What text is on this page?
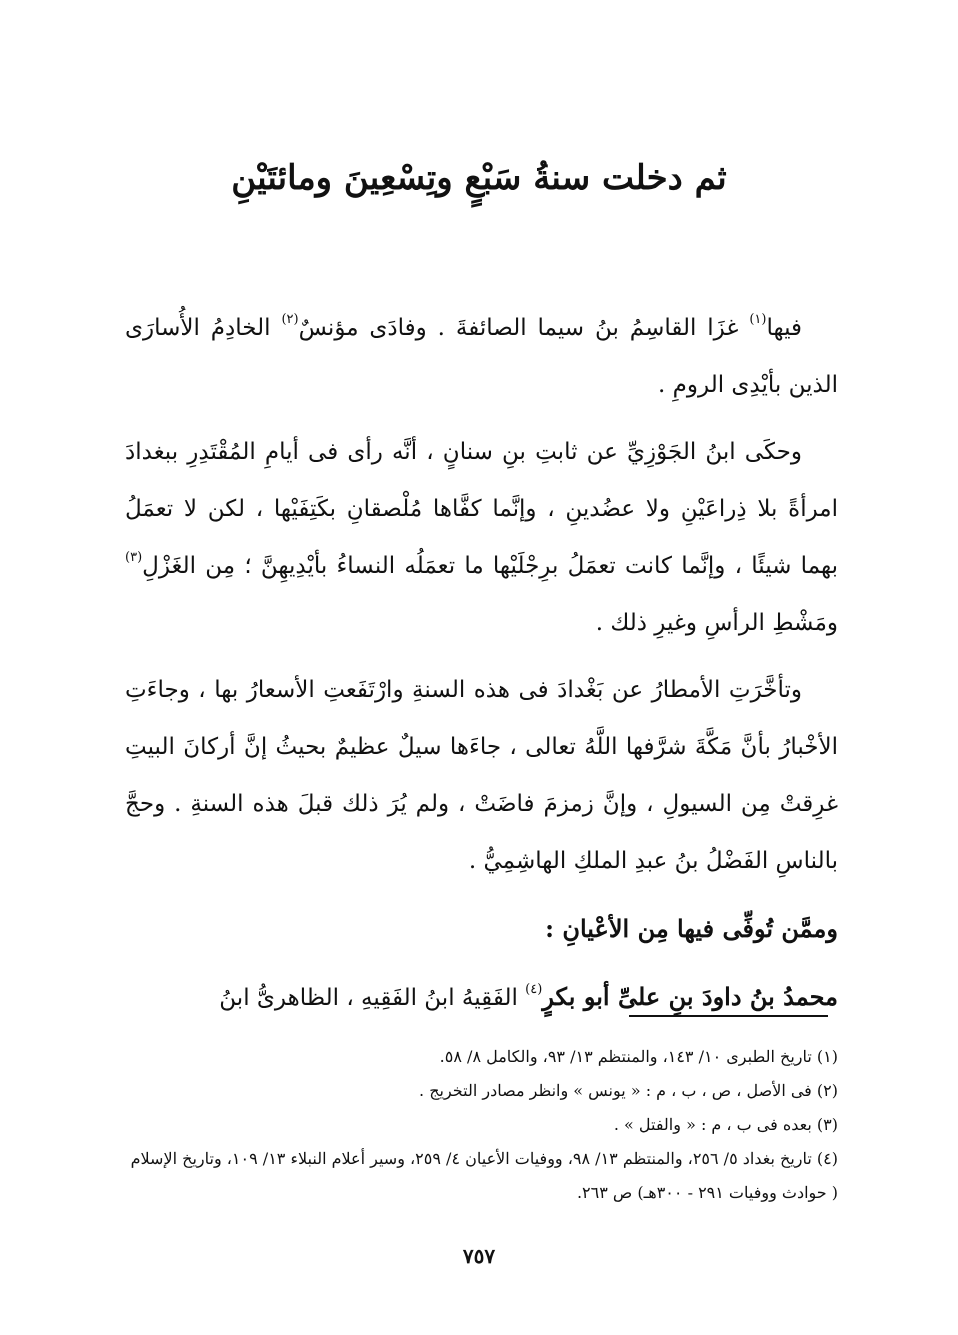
ثم دخلت سنةُ سَبْعٍ وتِسْعِينَ ومائتَيْنِ

فيها$^{(١)}$ غزَا القاسِمُ بنُ سيما الصائفةَ . وفادَى مؤنسٌ$^{(٢)}$ الخادِمُ الأُسارَى الذين بأيْدِى الرومِ .

وحكَى ابنُ الجَوْزِيِّ عن ثابتِ بنِ سنانٍ ، أنَّه رأى فى أيامِ المُقْتَدِرِ ببغدادَ امرأةً بلا ذِراعَيْنِ ولا عضُدينِ ، وإنَّما كفَّاها مُلْصقانِ بكَتِفَيْها ، لكن لا تعمَلُ بهما شيئًا ، وإنَّما كانت تعمَلُ برِجْلَيْها ما تعمَلُه النساءُ بأيْدِيهِنَّ ؛ مِن الغَزْلِ$^{(٣)}$ ومَشْطِ الرأسِ وغيرِ ذلك .

وتأخَّرَتِ الأمطارُ عن بَغْدادَ فى هذه السنةِ وارْتَفَعتِ الأسعارُ بها ، وجاءَتِ الأخْبارُ بأنَّ مَكَّةَ شرَّفها اللَّهُ تعالى ، جاءَها سيلٌ عظيمٌ بحيثُ إنَّ أركانَ البيتِ غرِقتْ مِن السيولِ ، وإنَّ زمزمَ فاضَتْ ، ولم يُرَ ذلك قبلَ هذه السنةِ . وحجَّ بالناسِ الفَضْلُ بنُ عبدِ الملكِ الهاشِمِيُّ .

وممَّن تُوفِّى فيها مِن الأعْيانِ :

محمدُ بنُ داودَ بنِ علىِّ أبو بكرٍ$^{(٤)}$ الفَقِيهُ ابنُ الفَقِيهِ ، الظاهرىُّ ابنُ

(١) تاريخ الطبرى ١٠/ ١٤٣، والمنتظم ١٣/ ٩٣، والكامل ٨/ ٥٨.

(٢) فى الأصل ، ص ، ب ، م : « يونس » وانظر مصادر التخريج .

(٣) بعده فى ب ، م : « والفتل » .

(٤) تاريخ بغداد ٥/ ٢٥٦، والمنتظم ١٣/ ٩٨، ووفيات الأعيان ٤/ ٢٥٩، وسير أعلام النبلاء ١٣/ ١٠٩، وتاريخ الإسلام ( حوادث ووفيات ٢٩١ - ٣٠٠هـ) ص ٢٦٣.

٧٥٧
